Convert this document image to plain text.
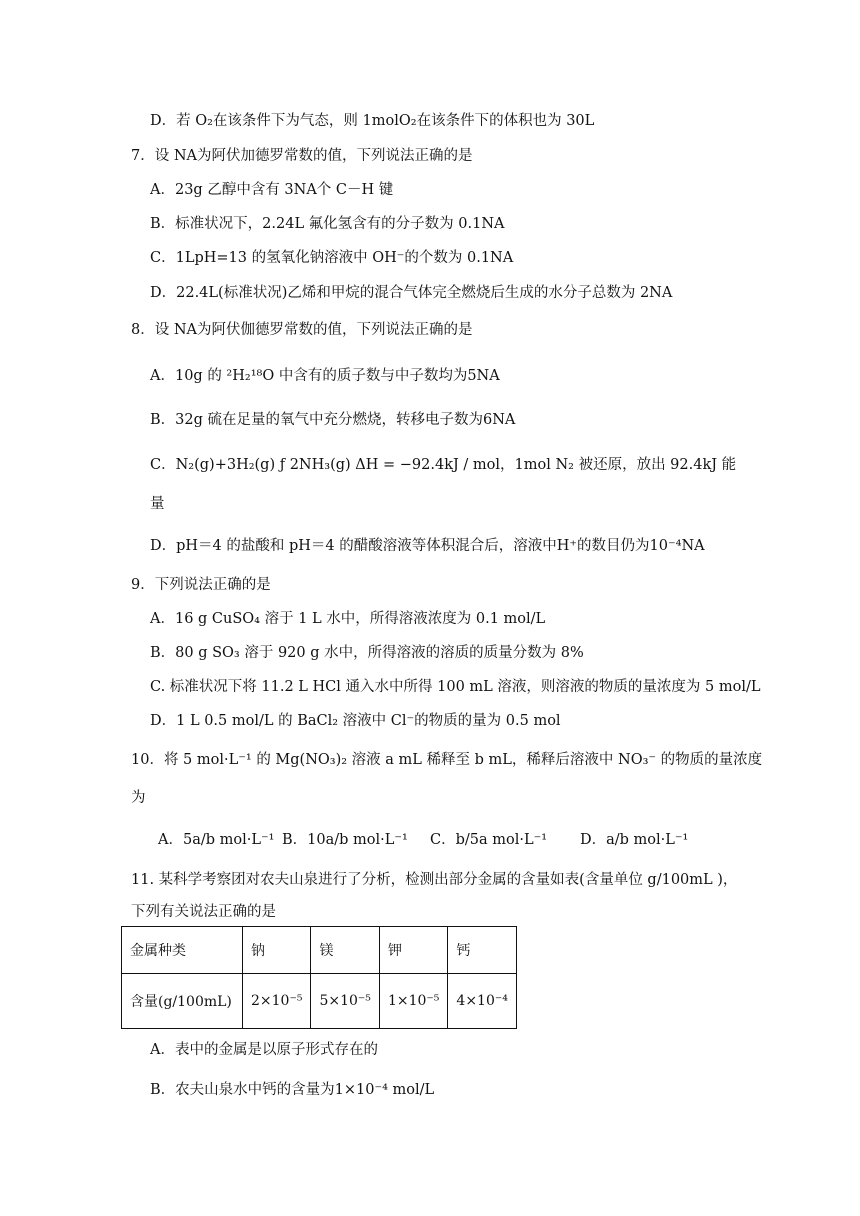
D．若 O₂在该条件下为气态，则 1molO₂在该条件下的体积也为 30L
7．设 NA为阿伏加德罗常数的值，下列说法正确的是
A．23g 乙醇中含有 3NA个 C－H 键
B．标准状况下，2.24L 氟化氢含有的分子数为 0.1NA
C．1LpH=13 的氢氧化钠溶液中 OH⁻的个数为 0.1NA
D．22.4L(标准状况)乙烯和甲烷的混合气体完全燃烧后生成的水分子总数为 2NA
8．设 NA为阿伏伽德罗常数的值，下列说法正确的是
A．10g 的 ²H₂¹⁸O 中含有的质子数与中子数均为5NA
B．32g 硫在足量的氧气中充分燃烧，转移电子数为6NA
C．N₂(g)+3H₂(g) ƒ 2NH₃(g) ΔH = −92.4kJ / mol，1mol N₂ 被还原，放出 92.4kJ 能
量
D．pH＝4 的盐酸和 pH＝4 的醋酸溶液等体积混合后，溶液中H⁺的数目仍为10⁻⁴NA
9．下列说法正确的是
A．16 g CuSO₄ 溶于 1 L 水中，所得溶液浓度为 0.1 mol/L
B．80 g SO₃ 溶于 920 g 水中，所得溶液的溶质的质量分数为 8%
C. 标准状况下将 11.2 L HCl 通入水中所得 100 mL 溶液，则溶液的物质的量浓度为 5 mol/L
D．1 L 0.5 mol/L 的 BaCl₂ 溶液中 Cl⁻的物质的量为 0.5 mol
10．将 5 mol·L⁻¹ 的 Mg(NO₃)₂ 溶液 a mL 稀释至 b mL，稀释后溶液中 NO₃⁻ 的物质的量浓度
为
A．5a/b mol·L⁻¹ B．10a/b mol·L⁻¹ C．b/5a mol·L⁻¹ D．a/b mol·L⁻¹
11. 某科学考察团对农夫山泉进行了分析，检测出部分金属的含量如表(含量单位 g/100mL )，
下列有关说法正确的是
金属种类	钠	镁	钾	钙
含量(g/100mL)	2×10⁻⁵	5×10⁻⁵	1×10⁻⁵	4×10⁻⁴
A．表中的金属是以原子形式存在的
B．农夫山泉水中钙的含量为1×10⁻⁴ mol/L
